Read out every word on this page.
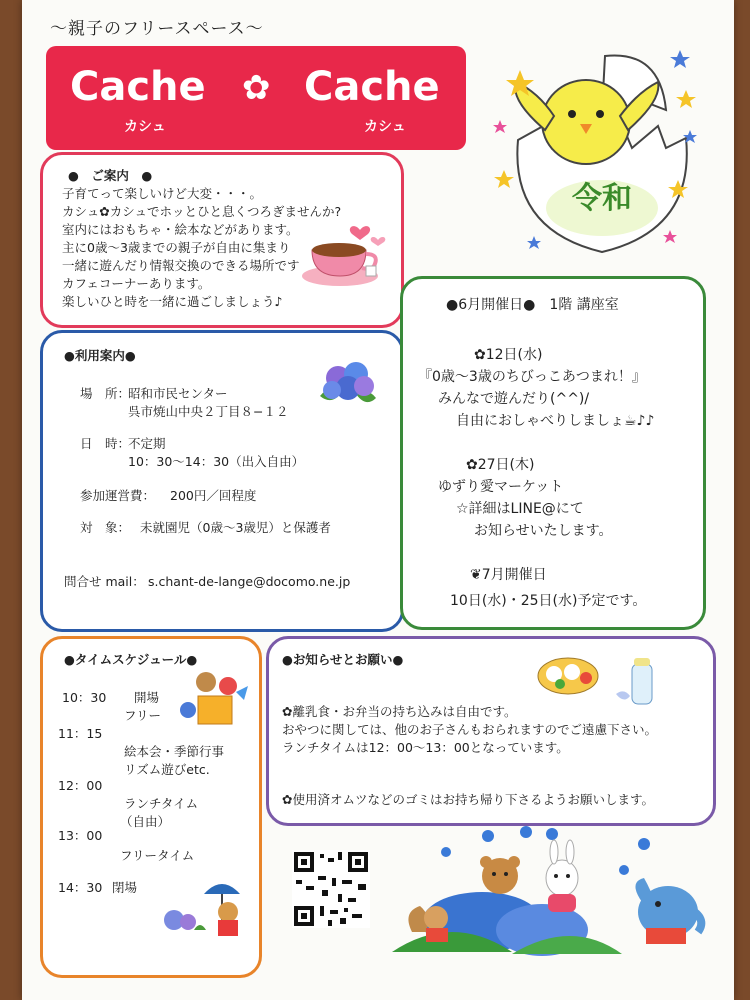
〜親子のフリースペース〜
Cache ✿ Cache
カシュ	カシュ
令和
●　ご案内　●
子育てって楽しいけど大変・・・。
カシュ✿カシュでホッとひと息くつろぎませんか?
室内にはおもちゃ・絵本などがあります。
主に0歳〜3歳までの親子が自由に集まり
一緒に遊んだり情報交換のできる場所です
カフェコーナーあります。
楽しいひと時を一緒に過ごしましょう♪
●利用案内●
場　所：
昭和市民センター
呉市焼山中央２丁目８−１２
日　時：
不定期
10：30〜14：30（出入自由）
参加運営費： 200円／回程度
対　象： 未就園児（0歳〜3歳児）と保護者
問合せ mail： s.chant-de-lange@docomo.ne.jp
●6月開催日●　1階 講座室
✿12日(水)
『0歳〜3歳のちびっこあつまれ！』
みんなで遊んだり(^^)/
自由におしゃべりしましょ☕♪♪
✿27日(木)
ゆずり愛マーケット
☆詳細はLINE@にて
お知らせいたします。
❦7月開催日
10日(水)・25日(水)予定です。
●タイムスケジュール●
10：30 開場
フリー
11：15
絵本会・季節行事
リズム遊びetc.
12：00
ランチタイム
（自由）
13：00
フリータイム
14：30 閉場
●お知らせとお願い●
✿離乳食・お弁当の持ち込みは自由です。
おやつに関しては、他のお子さんもおられますのでご遠慮下さい。
ランチタイムは12：00〜13：00となっています。
✿使用済オムツなどのゴミはお持ち帰り下さるようお願いします。
